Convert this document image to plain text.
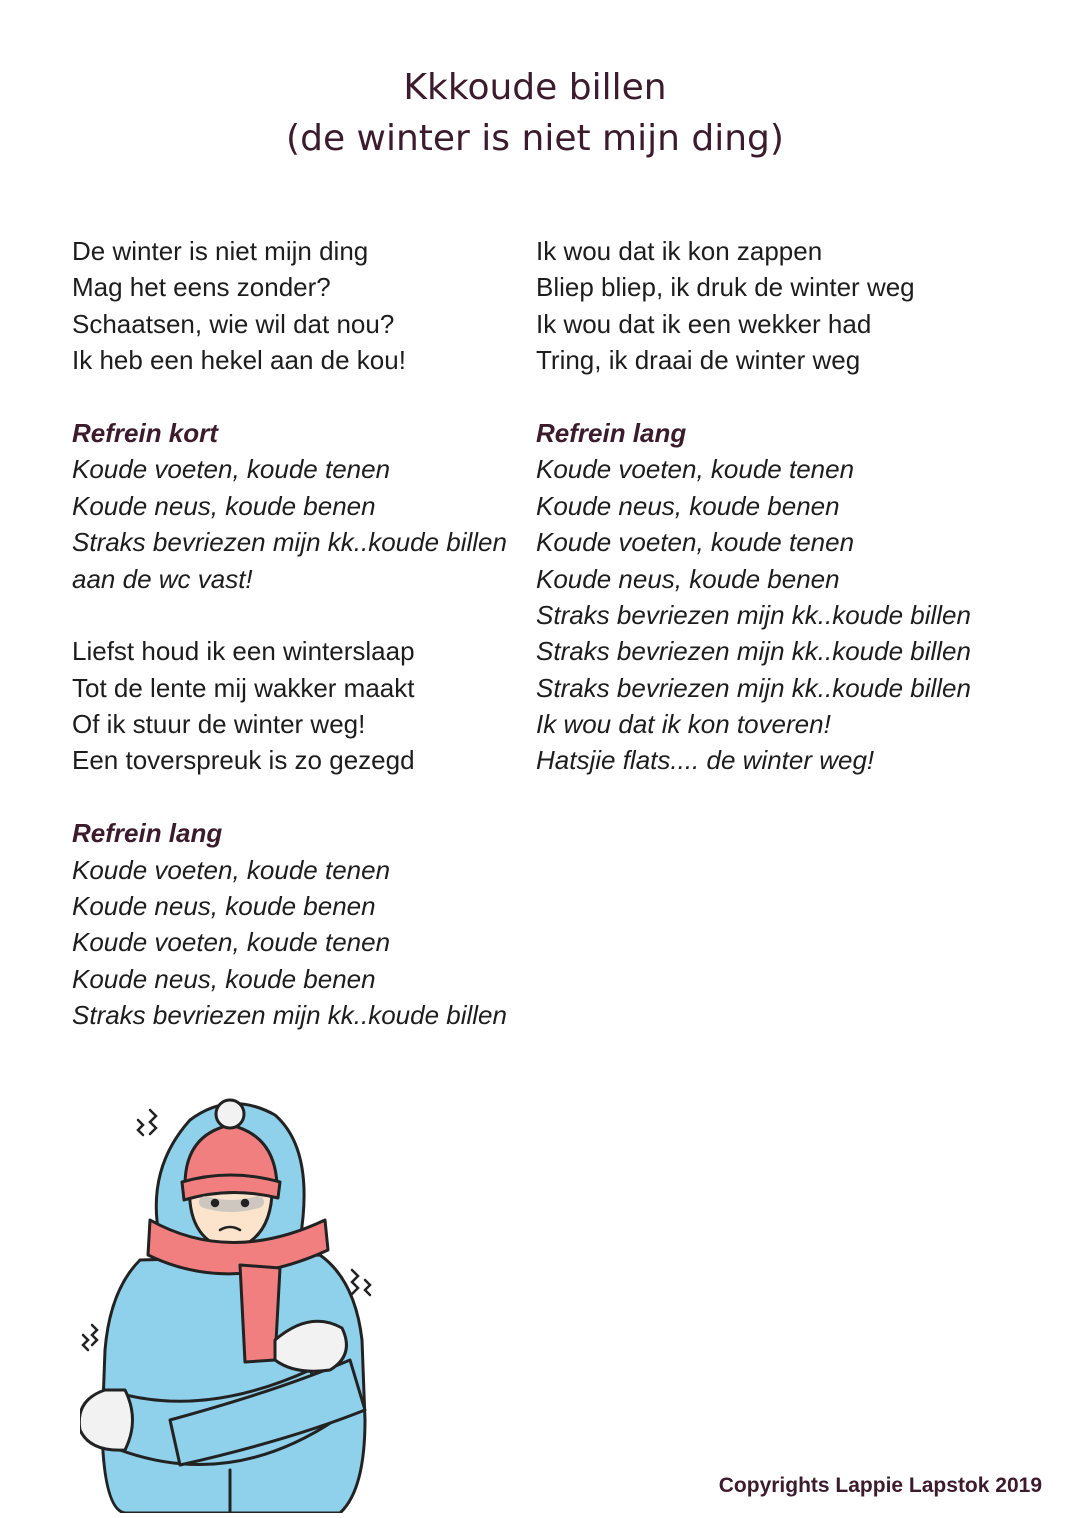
Kkkoude billen
(de winter is niet mijn ding)
De winter is niet mijn ding
Mag het eens zonder?
Schaatsen, wie wil dat nou?
Ik heb een hekel aan de kou!
Refrein kort
Koude voeten, koude tenen
Koude neus, koude benen
Straks bevriezen mijn kk..koude billen
aan de wc vast!
Liefst houd ik een winterslaap
Tot de lente mij wakker maakt
Of ik stuur de winter weg!
Een toverspreuk is zo gezegd
Refrein lang
Koude voeten, koude tenen
Koude neus, koude benen
Koude voeten, koude tenen
Koude neus, koude benen
Straks bevriezen mijn kk..koude billen
Ik wou dat ik kon zappen
Bliep bliep, ik druk de winter weg
Ik wou dat ik een wekker had
Tring, ik draai de winter weg
Refrein lang
Koude voeten, koude tenen
Koude neus, koude benen
Koude voeten, koude tenen
Koude neus, koude benen
Straks bevriezen mijn kk..koude billen
Straks bevriezen mijn kk..koude billen
Straks bevriezen mijn kk..koude billen
Ik wou dat ik kon toveren!
Hatsjie flats.... de winter weg!
Copyrights Lappie Lapstok 2019
